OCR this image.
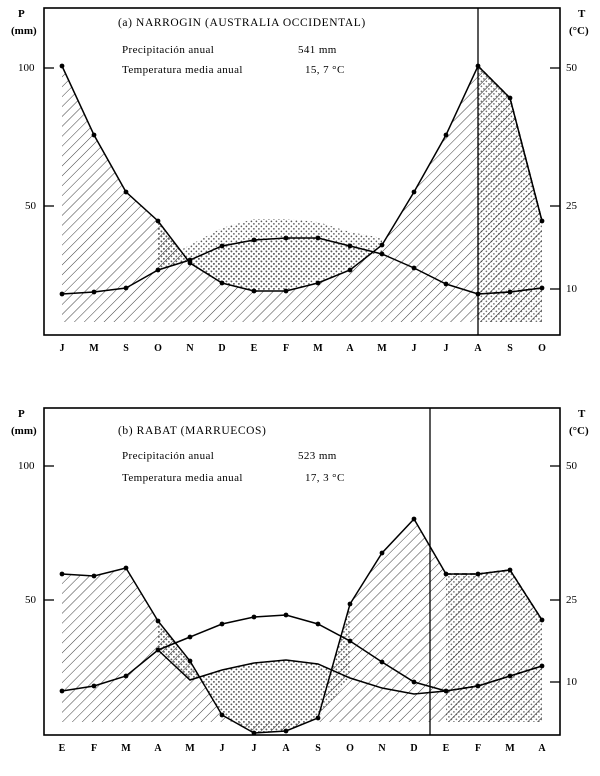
P
(mm)
T
(°C)
(a) NARROGIN (AUSTRALIA OCCIDENTAL)
Precipitación anual	541 mm
Temperatura media anual	15, 7 °C
100
50
50
25
10
J	M	S	O	N	D	E	F	M	A	M	J	J	A	S	O
P
(mm)
T
(°C)
(b) RABAT (MARRUECOS)
Precipitación anual	523 mm
Temperatura media anual	17, 3 °C
100
50
50
25
10
E	F	M	A	M	J	J	A	S	O	N	D	E	F	M	A
